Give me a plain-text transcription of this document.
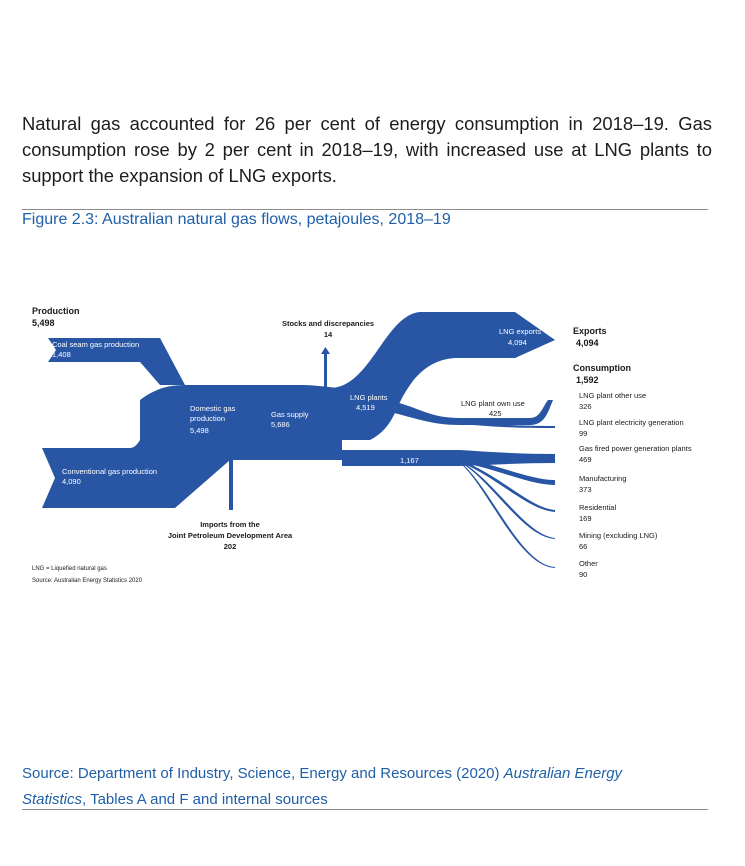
Natural gas accounted for 26 per cent of energy consumption in 2018–19. Gas consumption rose by 2 per cent in 2018–19, with increased use at LNG plants to support the expansion of LNG exports.

Figure 2.3: Australian natural gas flows, petajoules, 2018–19
Production
5,498
Coal seam gas production
1,408
Conventional gas production
4,090
Domestic gas
production
5,498
Gas supply
5,686
LNG plants
4,519
LNG exports
4,094
LNG plant own use
425
1,167
Stocks and discrepancies
14
Imports from the
Joint Petroleum Development Area
202
Exports
4,094
Consumption
1,592
LNG plant other use
326
LNG plant electricity generation
99
Gas fired power generation plants
469
Manufacturing
373
Residential
169
Mining (excluding LNG)
66
Other
90
LNG = Liquefied natural gas
Source: Australian Energy Statistics 2020
Source: Department of Industry, Science, Energy and Resources (2020) Australian Energy
Statistics, Tables A and F and internal sources
